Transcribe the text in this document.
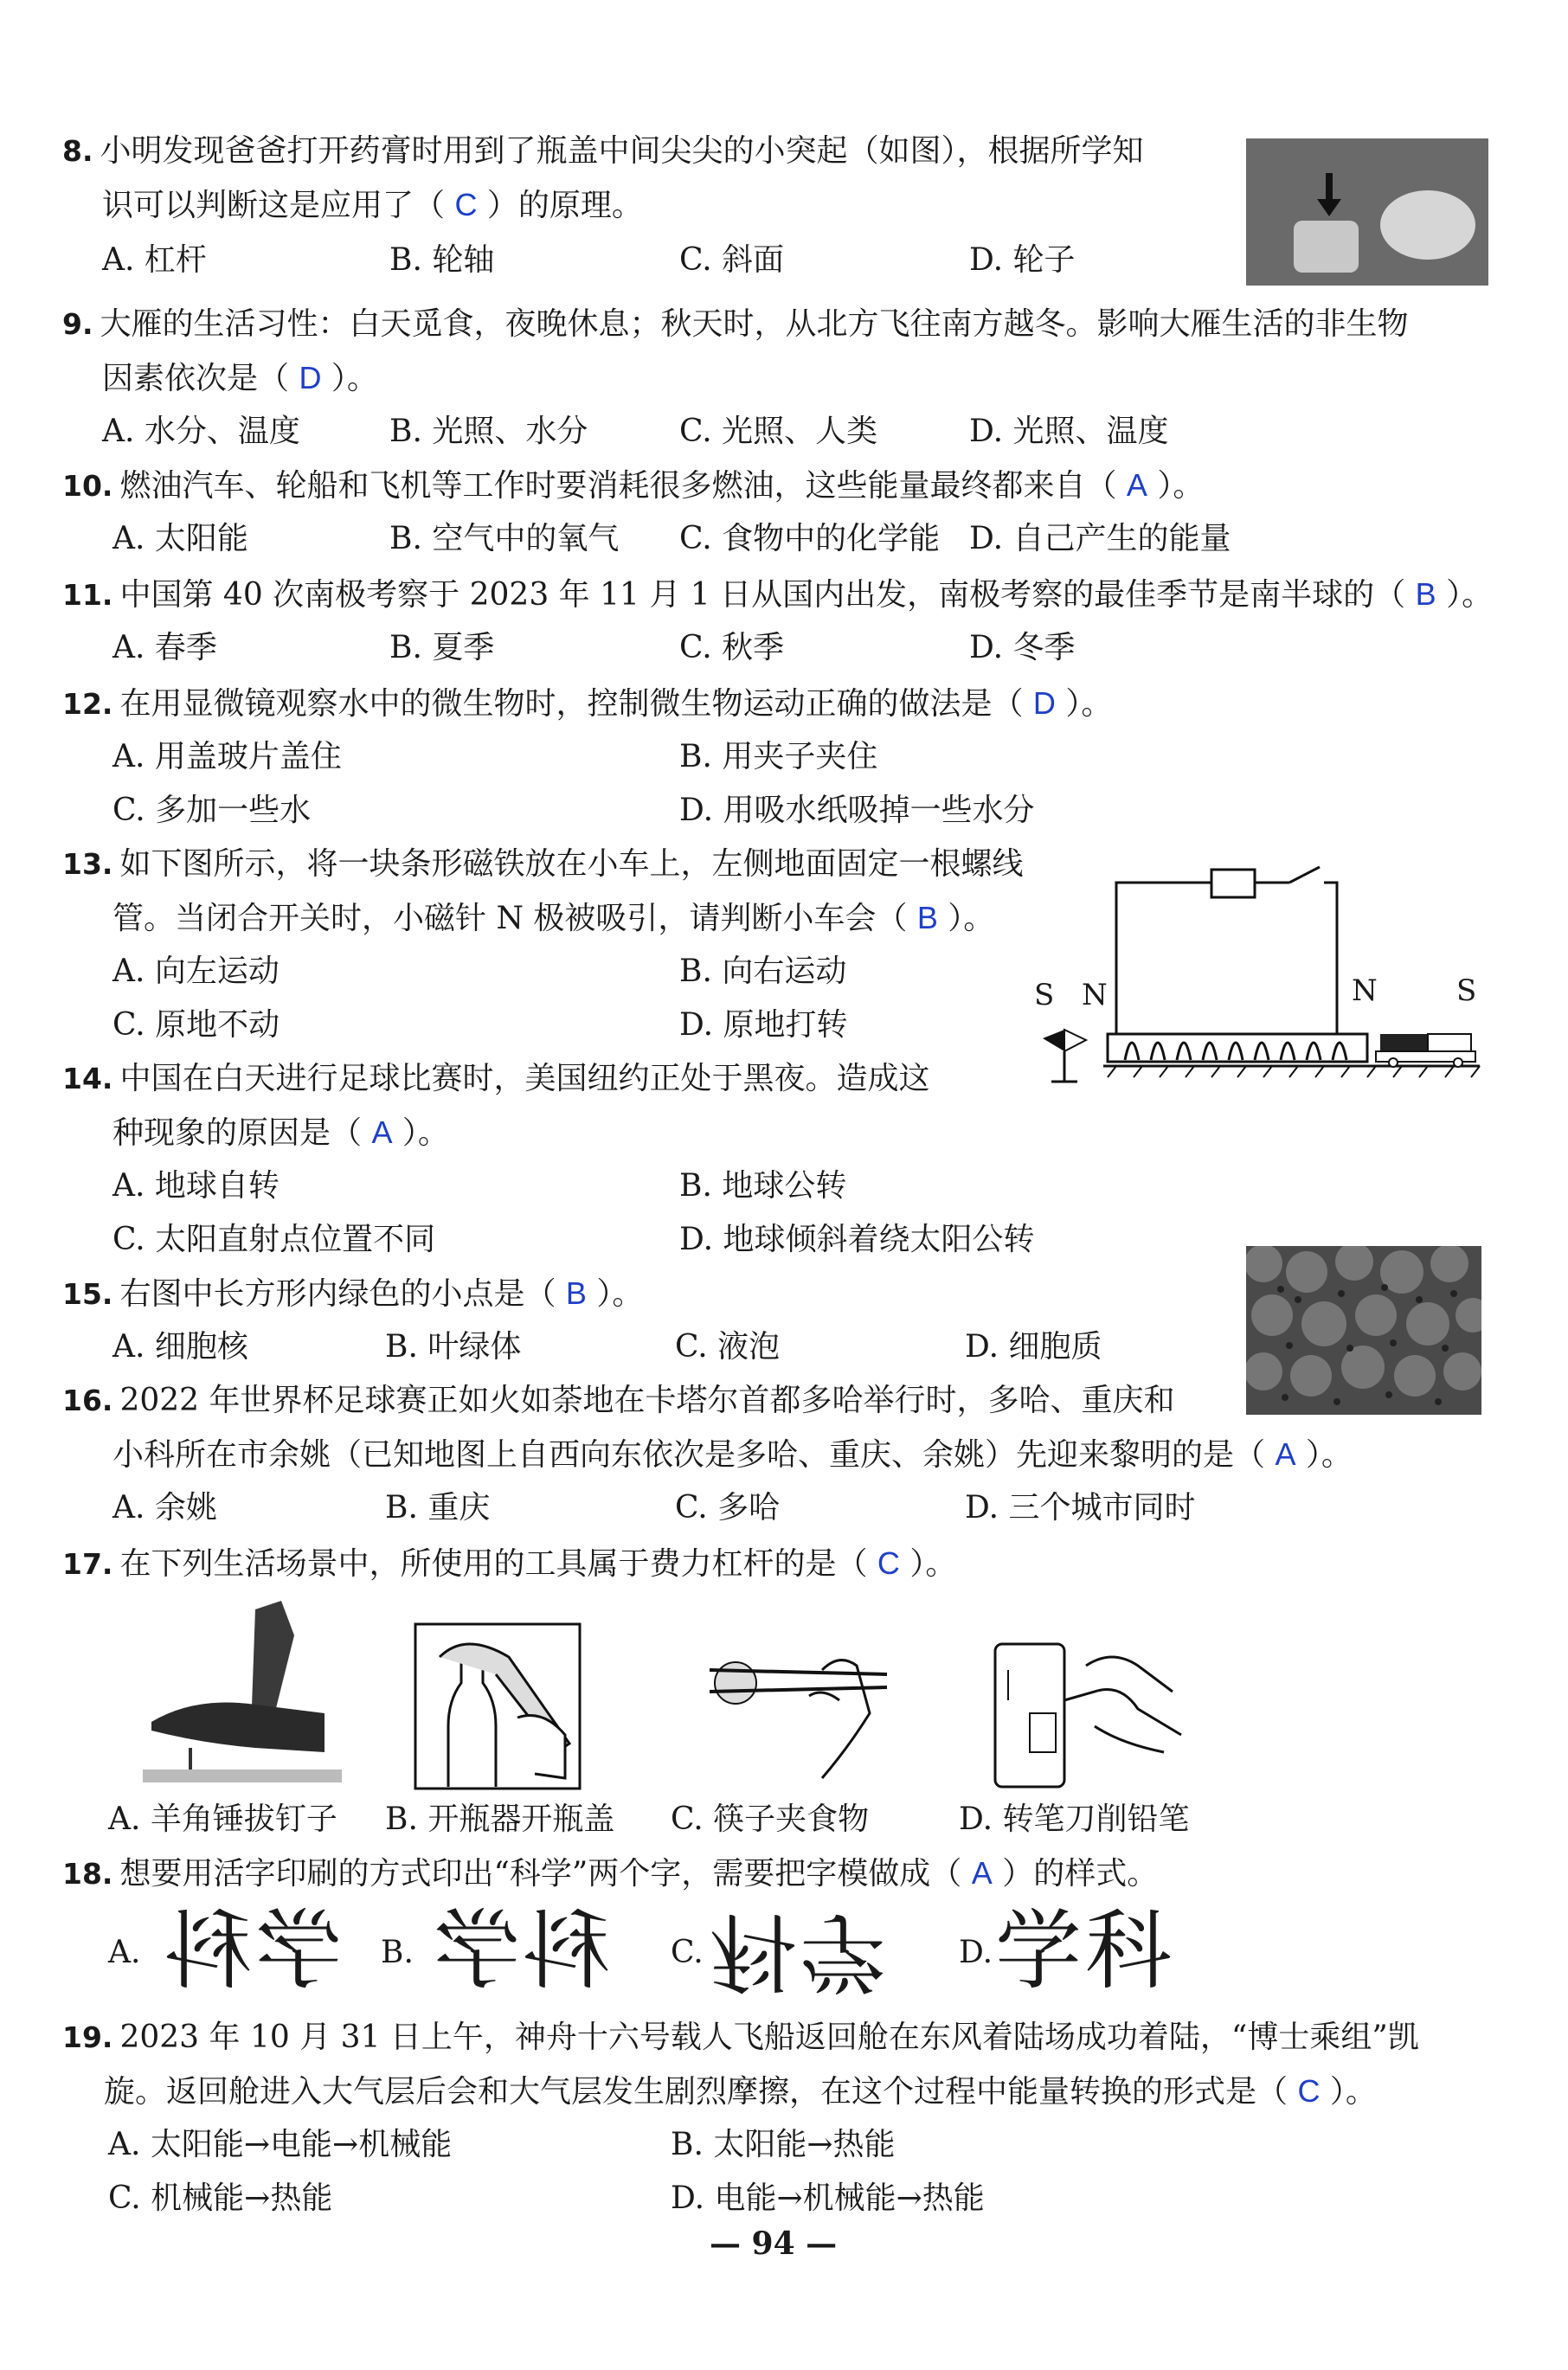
8. 小明发现爸爸打开药膏时用到了瓶盖中间尖尖的小突起（如图），根据所学知
识可以判断这是应用了（ C ）的原理。
A. 杠杆	B. 轮轴	C. 斜面	D. 轮子
9. 大雁的生活习性：白天觅食，夜晚休息；秋天时，从北方飞往南方越冬。影响大雁生活的非生物
因素依次是（ D ）。
A. 水分、温度	B. 光照、水分	C. 光照、人类	D. 光照、温度
10. 燃油汽车、轮船和飞机等工作时要消耗很多燃油，这些能量最终都来自（ A ）。
A. 太阳能	B. 空气中的氧气 C. 食物中的化学能 D. 自己产生的能量
11. 中国第 40 次南极考察于 2023 年 11 月 1 日从国内出发，南极考察的最佳季节是南半球的（ B ）。
A. 春季	B. 夏季	C. 秋季	D. 冬季
12. 在用显微镜观察水中的微生物时，控制微生物运动正确的做法是（ D ）。
A. 用盖玻片盖住	B. 用夹子夹住
C. 多加一些水	D. 用吸水纸吸掉一些水分
13. 如下图所示，将一块条形磁铁放在小车上，左侧地面固定一根螺线
管。当闭合开关时，小磁针 N 极被吸引，请判断小车会（ B ）。
A. 向左运动	B. 向右运动
C. 原地不动	D. 原地打转
S N	N	S
14. 中国在白天进行足球比赛时，美国纽约正处于黑夜。造成这
种现象的原因是（ A ）。
A. 地球自转	B. 地球公转
C. 太阳直射点位置不同	D. 地球倾斜着绕太阳公转
15. 右图中长方形内绿色的小点是（ B ）。
A. 细胞核	B. 叶绿体	C. 液泡	D. 细胞质
16. 2022 年世界杯足球赛正如火如荼地在卡塔尔首都多哈举行时，多哈、重庆和
小科所在市余姚（已知地图上自西向东依次是多哈、重庆、余姚）先迎来黎明的是（ A ）。
A. 余姚	B. 重庆	C. 多哈	D. 三个城市同时
17. 在下列生活场景中，所使用的工具属于费力杠杆的是（ C ）。
A. 羊角锤拔钉子 B. 开瓶器开瓶盖 C. 筷子夹食物	D. 转笔刀削铅笔
18. 想要用活字印刷的方式印出“科学”两个字，需要把字模做成（ A ）的样式。
A. 学科 B. 科学 C. 科学 D. 学科
19. 2023 年 10 月 31 日上午，神舟十六号载人飞船返回舱在东风着陆场成功着陆，“博士乘组”凯
旋。返回舱进入大气层后会和大气层发生剧烈摩擦，在这个过程中能量转换的形式是（ C ）。
A. 太阳能→电能→机械能	B. 太阳能→热能
C. 机械能→热能	D. 电能→机械能→热能
— 94 —
